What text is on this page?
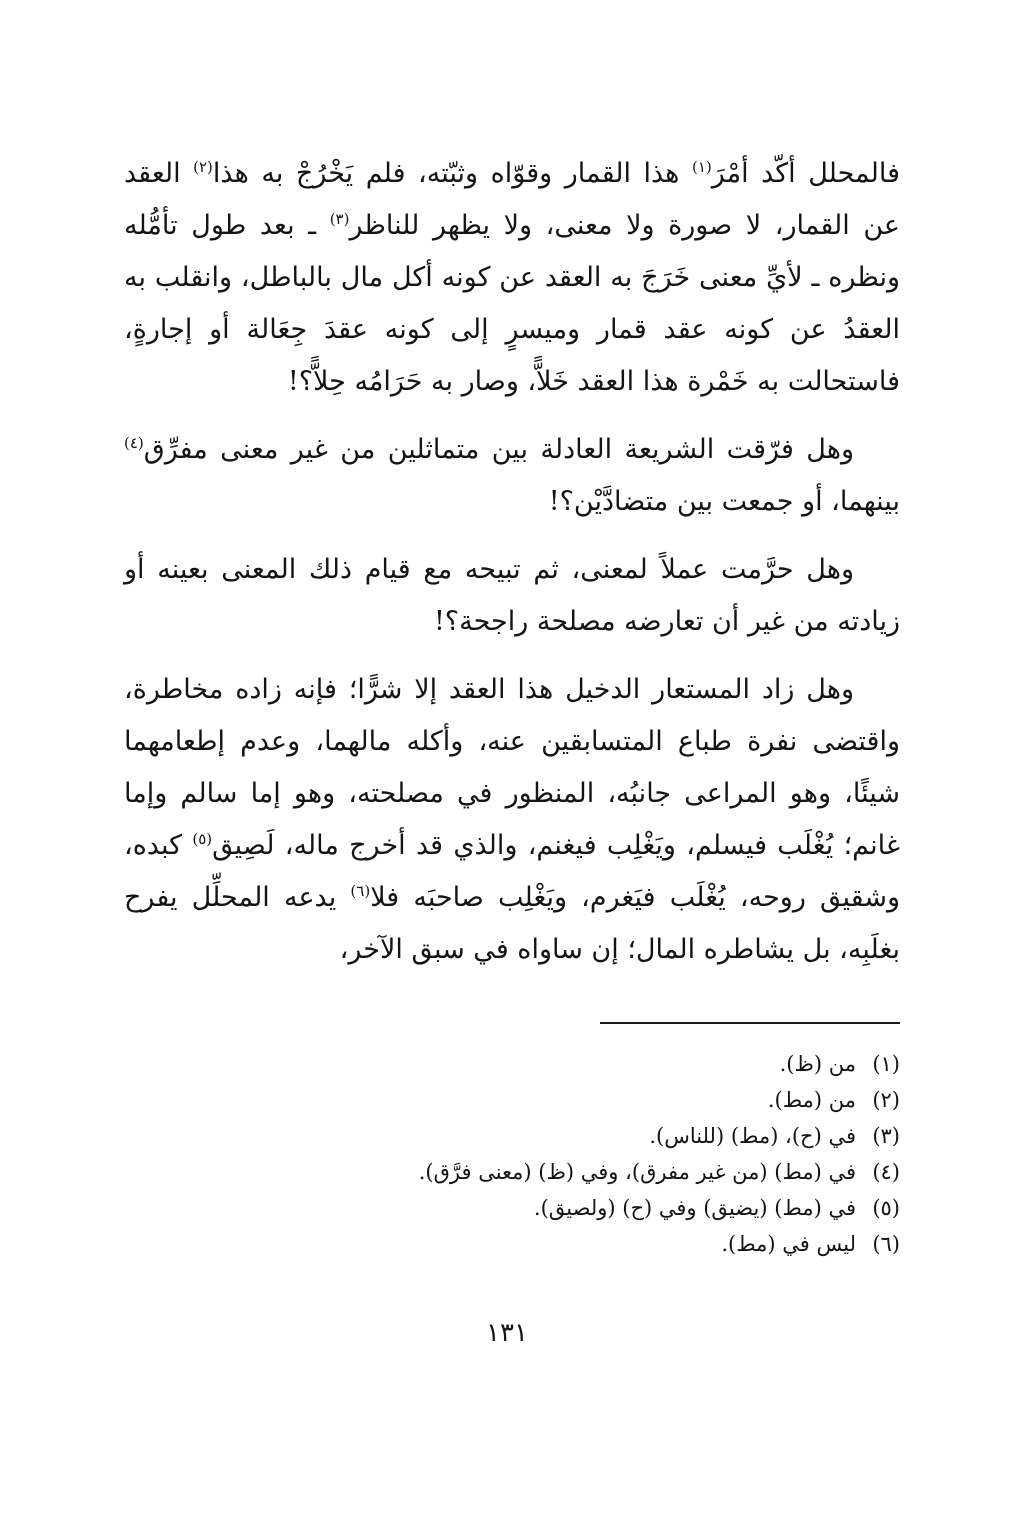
فالمحلل أكّد أمْرَ$^{(١)}$ هذا القمار وقوّاه وثبّته، فلم يَخْرُجْ به هذا$^{(٢)}$ العقد عن القمار، لا صورة ولا معنى، ولا يظهر للناظر$^{(٣)}$ ـ بعد طول تأمُّله ونظره ـ لأيِّ معنى خَرَجَ به العقد عن كونه أكل مال بالباطل، وانقلب به العقدُ عن كونه عقد قمار وميسرٍ إلى كونه عقدَ جِعَالة أو إجارةٍ، فاستحالت به خَمْرة هذا العقد خَلاًّ، وصار به حَرَامُه حِلاًّ؟!

وهل فرّقت الشريعة العادلة بين متماثلين من غير معنى مفرِّق$^{(٤)}$ بينهما، أو جمعت بين متضادَّيْن؟!

وهل حرَّمت عملاً لمعنى، ثم تبيحه مع قيام ذلك المعنى بعينه أو زيادته من غير أن تعارضه مصلحة راجحة؟!

وهل زاد المستعار الدخيل هذا العقد إلا شرًّا؛ فإنه زاده مخاطرة، واقتضى نفرة طباع المتسابقين عنه، وأكله مالهما، وعدم إطعامهما شيئًا، وهو المراعى جانبُه، المنظور في مصلحته، وهو إما سالم وإما غانم؛ يُغْلَب فيسلم، ويَغْلِب فيغنم، والذي قد أخرج ماله، لَصِيق$^{(٥)}$ كبده، وشقيق روحه، يُغْلَب فيَغرم، ويَغْلِب صاحبَه فلا$^{(٦)}$ يدعه المحلِّل يفرح بغلَبِه، بل يشاطره المال؛ إن ساواه في سبق الآخر،

(١)
من (ظ).
(٢)
من (مط).
(٣)
في (ح)، (مط) (للناس).
(٤)
في (مط) (من غير مفرق)، وفي (ظ) (معنى فرَّق).
(٥)
في (مط) (يضيق) وفي (ح) (ولصيق).
(٦)
ليس في (مط).
١٣١
